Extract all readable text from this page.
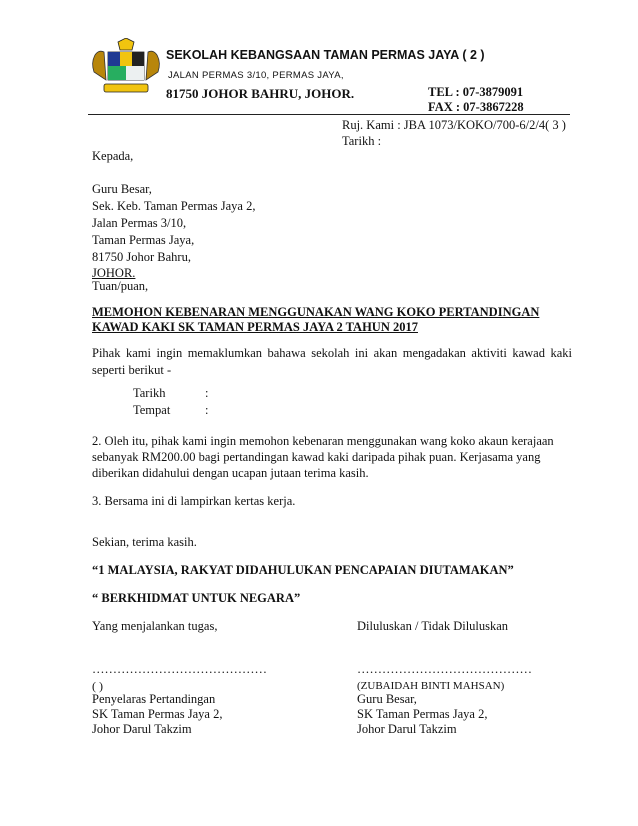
SEKOLAH KEBANGSAAN TAMAN PERMAS JAYA ( 2 )
JALAN PERMAS 3/10, PERMAS JAYA,
81750 JOHOR BAHRU, JOHOR.	TEL : 07-3879091
FAX : 07-3867228
Ruj. Kami : JBA 1073/KOKO/700-6/2/4( 3 )
Tarikh :
Kepada,
Guru Besar,
Sek. Keb. Taman Permas Jaya 2,
Jalan Permas 3/10,
Taman Permas Jaya,
81750 Johor Bahru,
JOHOR.
Tuan/puan,
MEMOHON KEBENARAN MENGGUNAKAN WANG KOKO PERTANDINGAN
KAWAD KAKI SK TAMAN PERMAS JAYA 2 TAHUN 2017

Pihak kami ingin memaklumkan bahawa sekolah ini akan mengadakan aktiviti kawad kaki seperti berikut -

Tarikh	:
Tempat	:
2. Oleh itu, pihak kami ingin memohon kebenaran menggunakan wang koko akaun kerajaan
sebanyak RM200.00 bagi pertandingan kawad kaki daripada pihak puan. Kerjasama yang
diberikan didahului dengan ucapan jutaan terima kasih.
3. Bersama ini di lampirkan kertas kerja.
Sekian, terima kasih.
“1 MALAYSIA, RAKYAT DIDAHULUKAN PENCAPAIAN DIUTAMAKAN”
“ BERKHIDMAT UNTUK NEGARA”
Yang menjalankan tugas,	Diluluskan / Tidak Diluluskan
……………………………………	……………………………………
( )	(ZUBAIDAH BINTI MAHSAN)
Penyelaras Pertandingan	Guru Besar,
SK Taman Permas Jaya 2,	SK Taman Permas Jaya 2,
Johor Darul Takzim	Johor Darul Takzim
